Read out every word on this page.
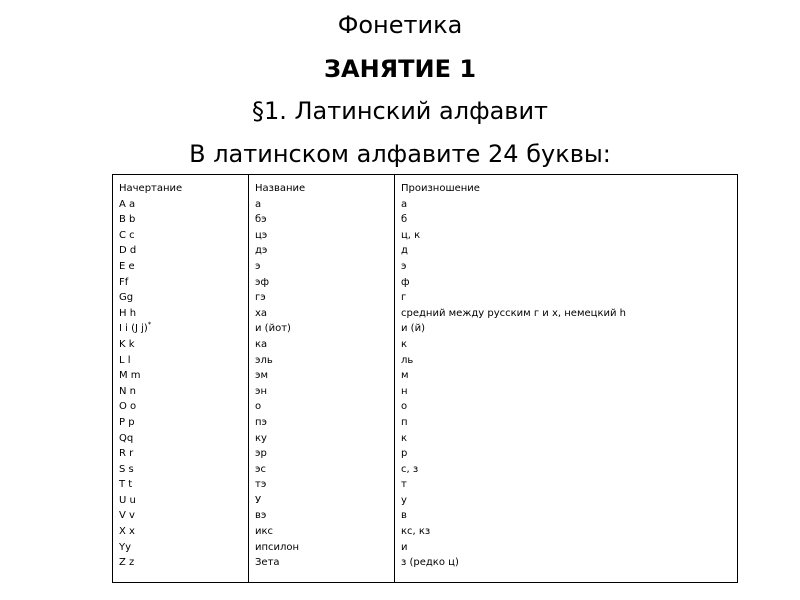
Фонетика
ЗАНЯТИЕ 1
§1. Латинский алфавит
В латинском алфавите 24 буквы:
Начертание
A a
B b
C c
D d
E e
Ff
Gg
H h
I i (J j)*
K k
L l
M m
N n
O o
P p
Qq
R r
S s
T t
U u
V v
X x
Yy
Z z
Название
а
бэ
цэ
дэ
э
эф
гэ
ха
и (йот)
ка
эль
эм
эн
о
пэ
ку
эр
эс
тэ
У
вэ
икс
ипсилон
Зета
Произношение
а
б
ц, к
д
э
ф
г
средний между русским г и х, немецкий h
и (й)
к
ль
м
н
о
п
к
р
с, з
т
у
в
кс, кз
и
з (редко ц)
